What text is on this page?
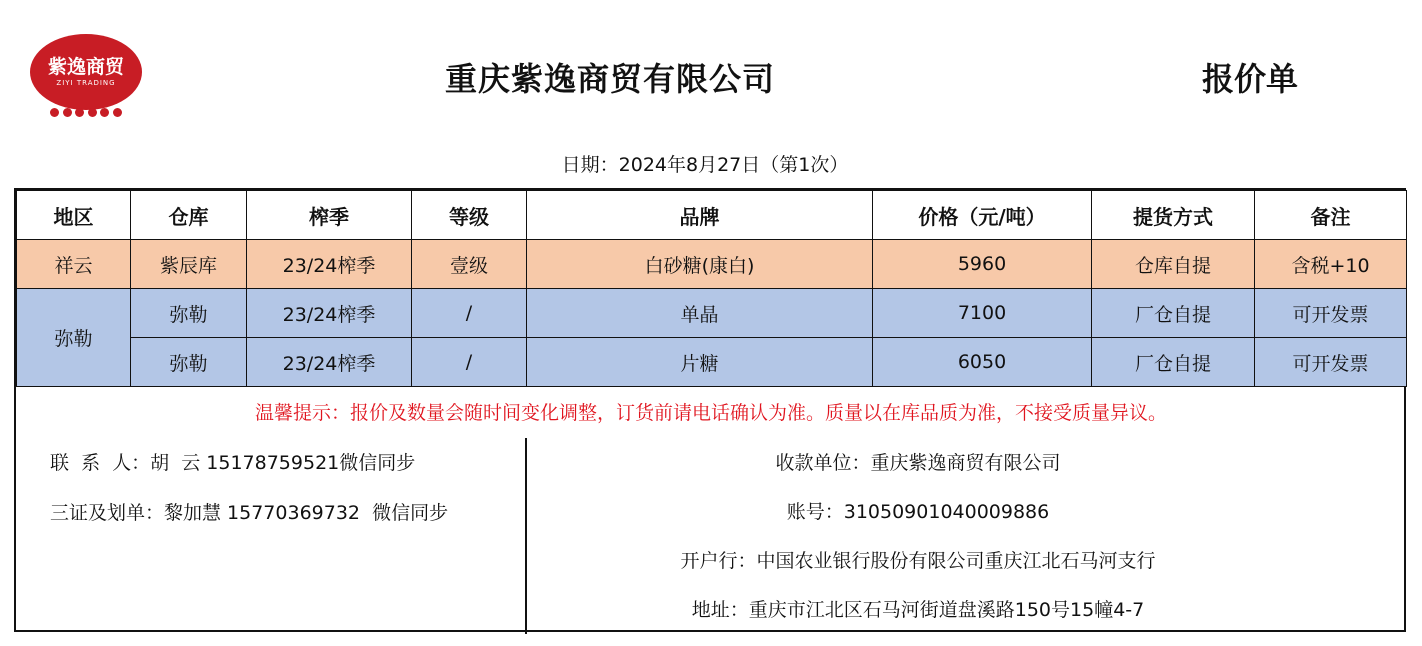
紫逸商贸
ZIYI TRADING	重庆紫逸商贸有限公司	报价单
日期：2024年8月27日（第1次）
地区	仓库	榨季	等级	品牌	价格（元/吨）	提货方式	备注
祥云	紫辰库	23/24榨季	壹级	白砂糖(康白)	5960	仓库自提	含税+10
弥勒	弥勒	23/24榨季	/	单晶	7100	厂仓自提	可开发票
	弥勒	23/24榨季	/	片糖	6050	厂仓自提	可开发票
温馨提示：报价及数量会随时间变化调整，订货前请电话确认为准。质量以在库品质为准，不接受质量异议。
联  系  人：胡  云 15178759521微信同步
三证及划单：黎加慧 15770369732  微信同步
收款单位：重庆紫逸商贸有限公司
账号：31050901040009886
开户行：中国农业银行股份有限公司重庆江北石马河支行
地址：重庆市江北区石马河街道盘溪路150号15幢4-7
